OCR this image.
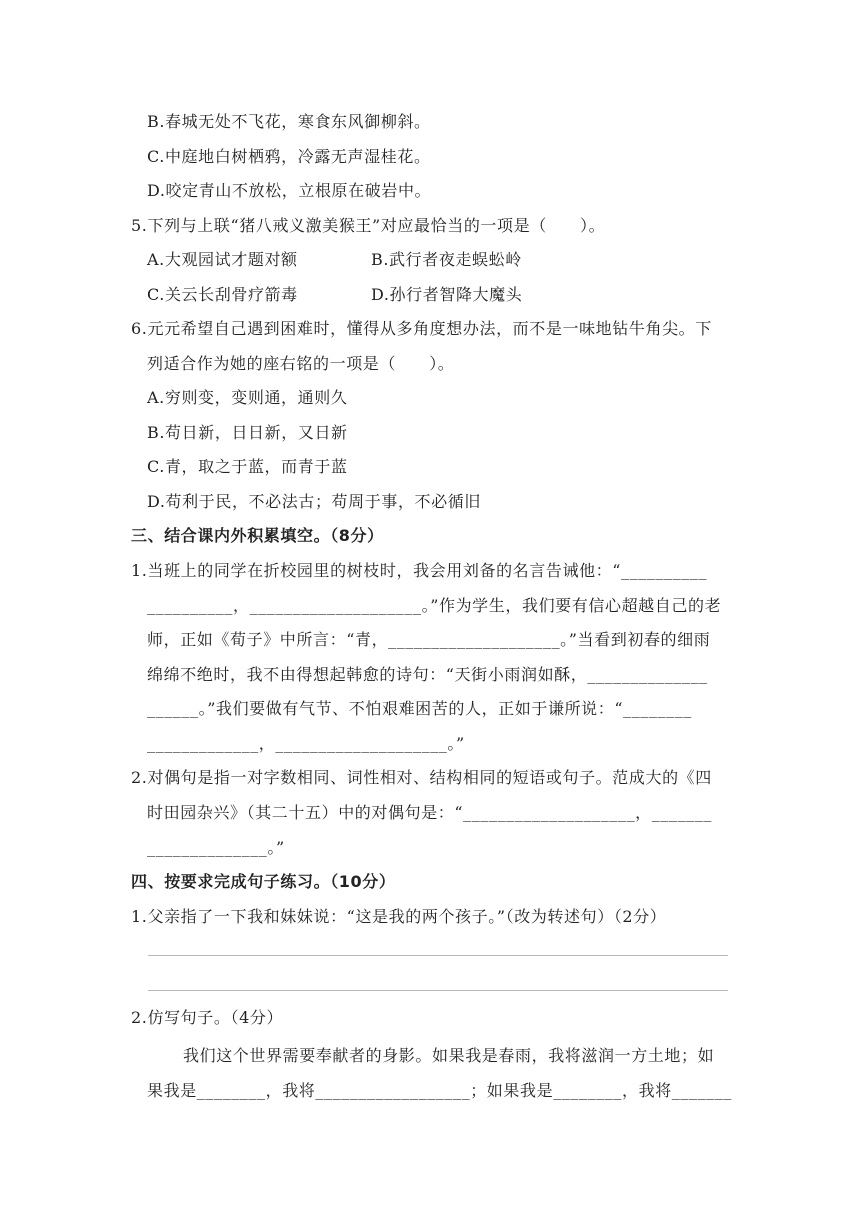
B.春城无处不飞花，寒食东风御柳斜。
C.中庭地白树栖鸦，冷露无声湿桂花。
D.咬定青山不放松，立根原在破岩中。
5.下列与上联“猪八戒义激美猴王”对应最恰当的一项是（　　）。
A.大观园试才题对额	B.武行者夜走蜈蚣岭
C.关云长刮骨疗箭毒	D.孙行者智降大魔头
6.元元希望自己遇到困难时，懂得从多角度想办法，而不是一味地钻牛角尖。下
列适合作为她的座右铭的一项是（　　）。
A.穷则变，变则通，通则久
B.苟日新，日日新，又日新
C.青，取之于蓝，而青于蓝
D.苟利于民，不必法古；苟周于事，不必循旧
三、结合课内外积累填空。（8分）
1.当班上的同学在折校园里的树枝时，我会用刘备的名言告诫他：“__________
__________，____________________。”作为学生，我们要有信心超越自己的老
师，正如《荀子》中所言：“青，____________________。”当看到初春的细雨
绵绵不绝时，我不由得想起韩愈的诗句：“天街小雨润如酥，______________
______。”我们要做有气节、不怕艰难困苦的人，正如于谦所说：“________
_____________，____________________。”
2.对偶句是指一对字数相同、词性相对、结构相同的短语或句子。范成大的《四
时田园杂兴》（其二十五）中的对偶句是：“____________________，_______
______________。”
四、按要求完成句子练习。（10分）
1.父亲指了一下我和妹妹说：“这是我的两个孩子。”（改为转述句）（2分）
2.仿写句子。（4分）
我们这个世界需要奉献者的身影。如果我是春雨，我将滋润一方土地；如
果我是________，我将__________________；如果我是________，我将_______
